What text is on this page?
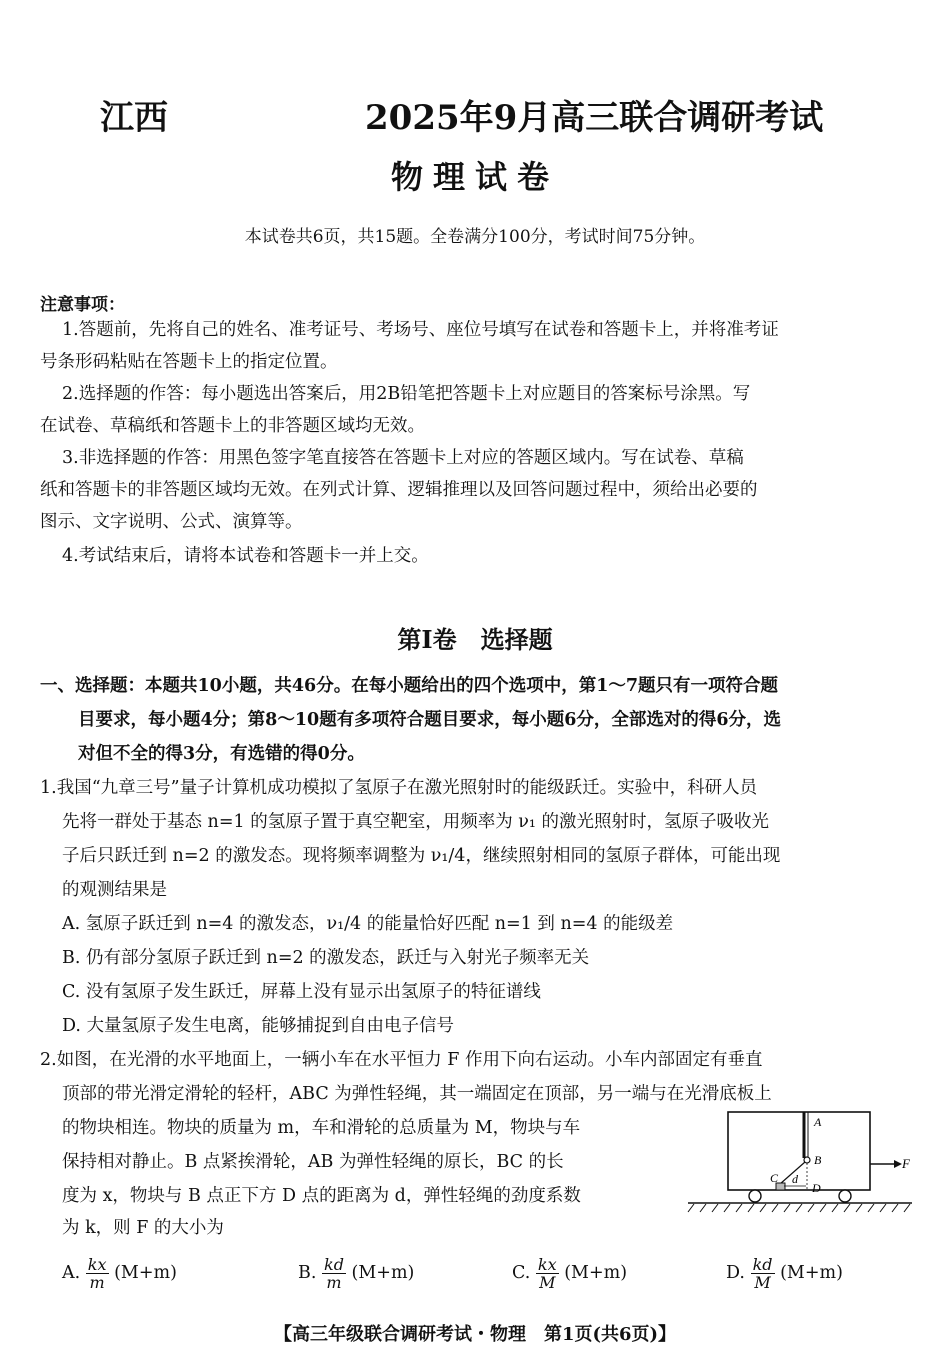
江西	2025年9月高三联合调研考试
物理试卷
本试卷共6页，共15题。全卷满分100分，考试时间75分钟。
注意事项：
1.答题前，先将自己的姓名、准考证号、考场号、座位号填写在试卷和答题卡上，并将准考证
号条形码粘贴在答题卡上的指定位置。
2.选择题的作答：每小题选出答案后，用2B铅笔把答题卡上对应题目的答案标号涂黑。写
在试卷、草稿纸和答题卡上的非答题区域均无效。
3.非选择题的作答：用黑色签字笔直接答在答题卡上对应的答题区域内。写在试卷、草稿
纸和答题卡的非答题区域均无效。在列式计算、逻辑推理以及回答问题过程中，须给出必要的
图示、文字说明、公式、演算等。
4.考试结束后，请将本试卷和答题卡一并上交。
第Ⅰ卷　选择题
一、选择题：本题共10小题，共46分。在每小题给出的四个选项中，第1～7题只有一项符合题
目要求，每小题4分；第8～10题有多项符合题目要求，每小题6分，全部选对的得6分，选
对但不全的得3分，有选错的得0分。
1.我国“九章三号”量子计算机成功模拟了氢原子在激光照射时的能级跃迁。实验中，科研人员
先将一群处于基态 n=1 的氢原子置于真空靶室，用频率为 ν₁ 的激光照射时，氢原子吸收光
子后只跃迁到 n=2 的激发态。现将频率调整为 ν₁/4，继续照射相同的氢原子群体，可能出现
的观测结果是
A. 氢原子跃迁到 n=4 的激发态，ν₁/4 的能量恰好匹配 n=1 到 n=4 的能级差
B. 仍有部分氢原子跃迁到 n=2 的激发态，跃迁与入射光子频率无关
C. 没有氢原子发生跃迁，屏幕上没有显示出氢原子的特征谱线
D. 大量氢原子发生电离，能够捕捉到自由电子信号
2.如图，在光滑的水平地面上，一辆小车在水平恒力 F 作用下向右运动。小车内部固定有垂直
顶部的带光滑定滑轮的轻杆，ABC 为弹性轻绳，其一端固定在顶部，另一端与在光滑底板上
的物块相连。物块的质量为 m，车和滑轮的总质量为 M，物块与车
保持相对静止。B 点紧挨滑轮，AB 为弹性轻绳的原长，BC 的长
度为 x，物块与 B 点正下方 D 点的距离为 d，弹性轻绳的劲度系数
为 k，则 F 的大小为
A
B
C
D
d
F
A. $\frac{kx}{m} (M+m)$	B. $\frac{kd}{m} (M+m)$	C. $\frac{kx}{M} (M+m)$	D. $\frac{kd}{M} (M+m)$
【高三年级联合调研考试・物理　第1页(共6页)】
